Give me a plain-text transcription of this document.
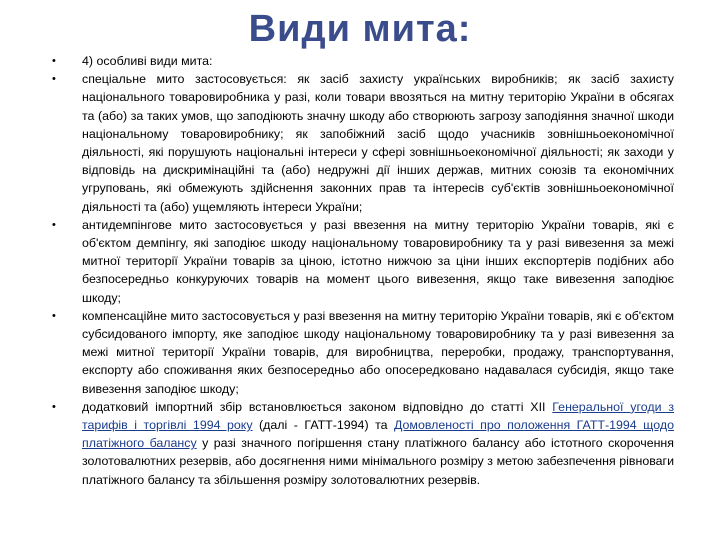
Види мита:
• 4) особливі види мита:
• спеціальне мито застосовується: як засіб захисту українських виробників; як засіб захисту національного товаровиробника у разі, коли товари ввозяться на митну територію України в обсягах та (або) за таких умов, що заподіюють значну шкоду або створюють загрозу заподіяння значної шкоди національному товаровиробнику; як запобіжний засіб щодо учасників зовнішньоекономічної діяльності, які порушують національні інтереси у сфері зовнішньоекономічної діяльності; як заходи у відповідь на дискримінаційні та (або) недружні дії інших держав, митних союзів та економічних угруповань, які обмежують здійснення законних прав та інтересів суб'єктів зовнішньоекономічної діяльності та (або) ущемляють інтереси України;
• антидемпінгове мито застосовується у разі ввезення на митну територію України товарів, які є об'єктом демпінгу, які заподіює шкоду національному товаровиробнику та у разі вивезення за межі митної території України товарів за ціною, істотно нижчою за ціни інших експортерів подібних або безпосередньо конкуруючих товарів на момент цього вивезення, якщо таке вивезення заподіює шкоду;
• компенсаційне мито застосовується у разі ввезення на митну територію України товарів, які є об'єктом субсидованого імпорту, яке заподіює шкоду національному товаровиробнику та у разі вивезення за межі митної території України товарів, для виробництва, переробки, продажу, транспортування, експорту або споживання яких безпосередньо або опосередковано надавалася субсидія, якщо таке вивезення заподіює шкоду;
• додатковий імпортний збір встановлюється законом відповідно до статті XII Генеральної угоди з тарифів і торгівлі 1994 року (далі - ГАТТ-1994) та Домовленості про положення ГАТТ-1994 щодо платіжного балансу у разі значного погіршення стану платіжного балансу або істотного скорочення золотовалютних резервів, або досягнення ними мінімального розміру з метою забезпечення рівноваги платіжного балансу та збільшення розміру золотовалютних резервів.
